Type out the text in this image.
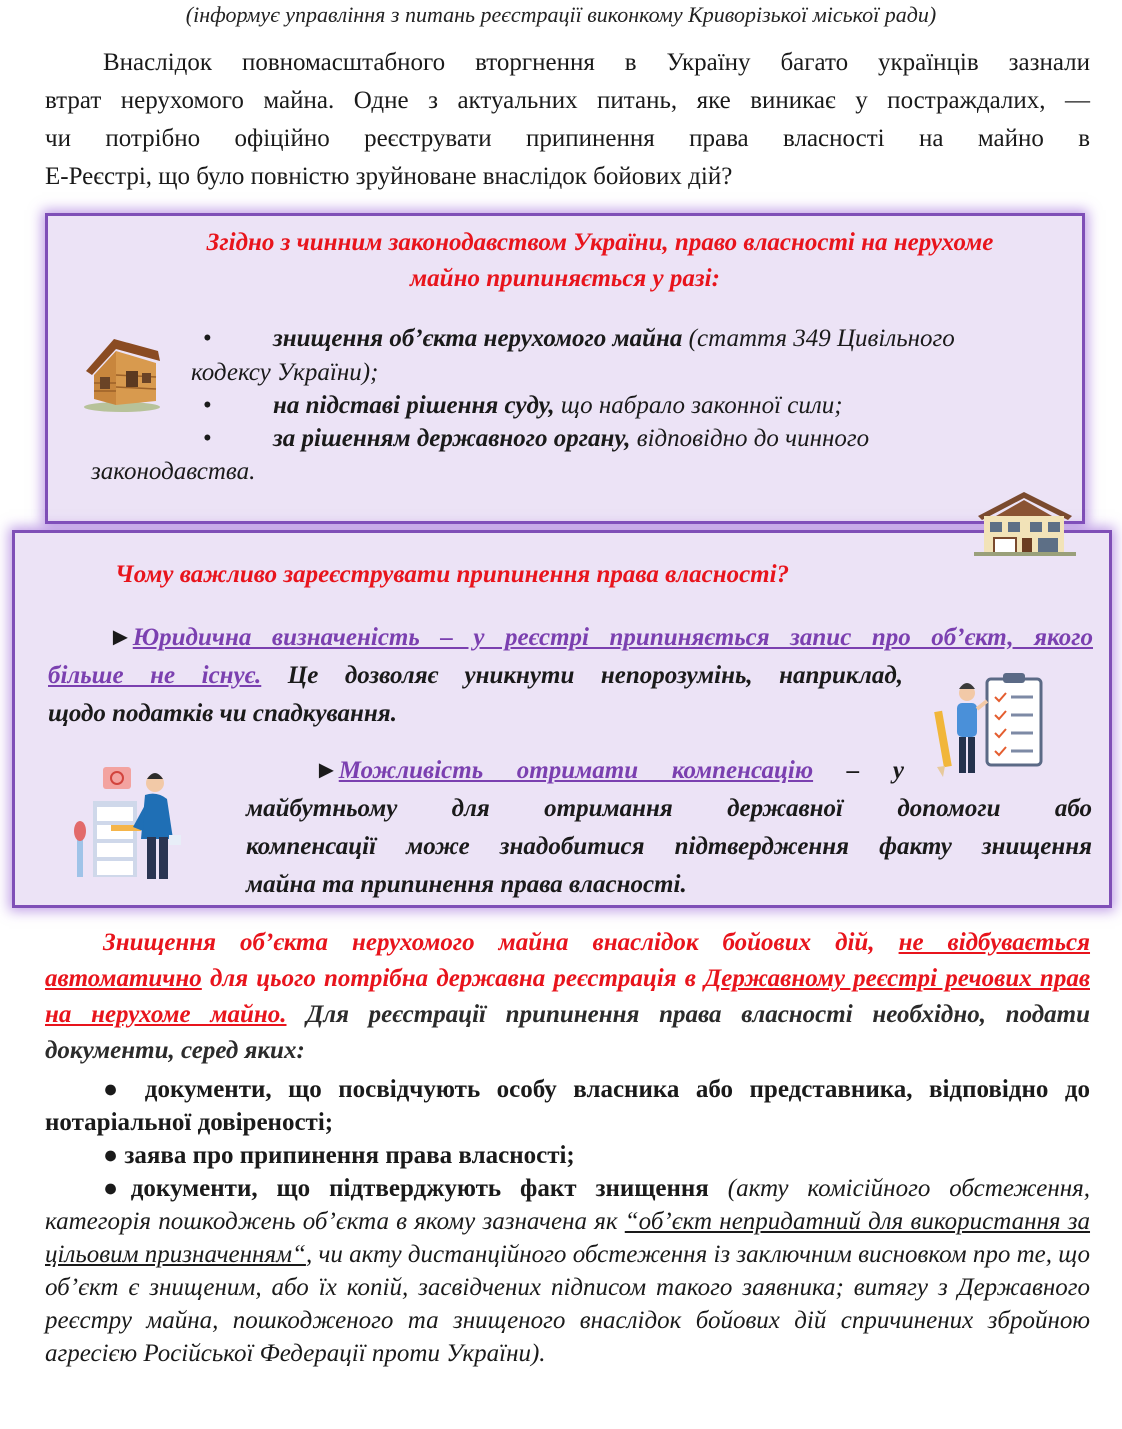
(інформує управління з питань реєстрації виконкому Криворізької міської ради)
Внаслідок повномасштабного вторгнення в Україну багато українців зазнали
втрат нерухомого майна. Одне з актуальних питань, яке виникає у постраждалих, —
чи потрібно офіційно реєструвати припинення права власності на майно в
Е-Реєстрі, що було повністю зруйноване внаслідок бойових дій?
Згідно з чинним законодавством України, право власності на нерухоме
майно припиняється у разі:
• знищення об’єкта нерухомого майна (стаття 349 Цивільного
кодексу України);
• на підставі рішення суду, що набрало законної сили;
• за рішенням державного органу, відповідно до чинного
законодавства.
Чому важливо зареєструвати припинення права власності?
►Юридична визначеність – у реєстрі припиняється запис про об’єкт, якого
більше не існує. Це дозволяє уникнути непорозумінь, наприклад,
щодо податків чи спадкування.
►Можливість отримати компенсацію – у
майбутньому для отримання державної допомоги або
компенсації може знадобитися підтвердження факту знищення
майна та припинення права власності.
Знищення об’єкта нерухомого майна внаслідок бойових дій, не відбувається автоматично для цього потрібна державна реєстрація в Державному реєстрі речових прав на нерухоме майно. Для реєстрації припинення права власності необхідно, подати документи, серед яких:
● документи, що посвідчують особу власника або представника, відповідно до нотаріальної довіреності;
● заява про припинення права власності;
●документи, що підтверджують факт знищення (акту комісійного обстеження, категорія пошкоджень об’єкта в якому зазначена як “об’єкт непридатний для використання за цільовим призначенням“, чи акту дистанційного обстеження із заключним висновком про те, що об’єкт є знищеним, або їх копій, засвідчених підписом такого заявника; витягу з Державного реєстру майна, пошкодженого та знищеного внаслідок бойових дій спричинених збройною агресією Російської Федерації проти України).
